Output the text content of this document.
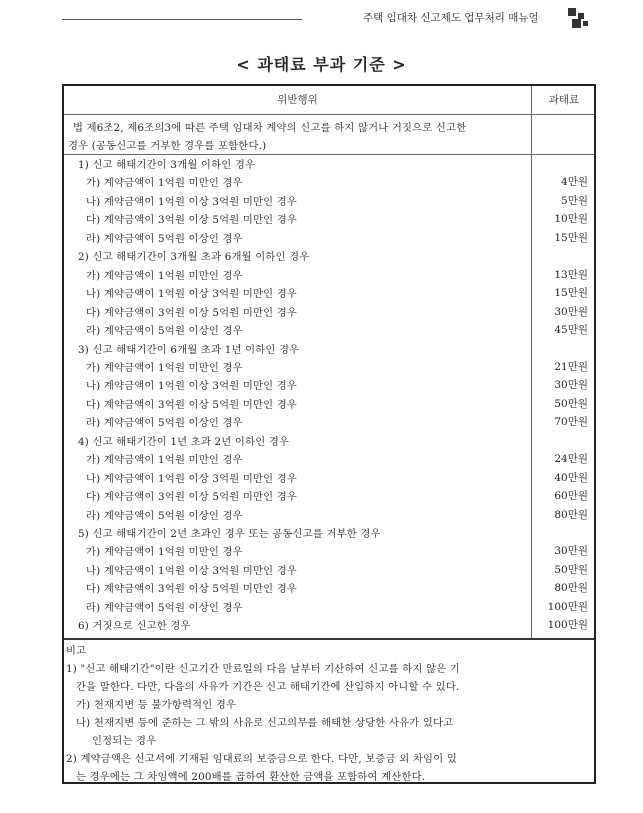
주택 임대차 신고제도 업무처리 매뉴얼
< 과태료 부과 기준 >
위반행위	과태료
법 제6조2, 제6조의3에 따른 주택 임대차 계약의 신고를 하지 않거나 거짓으로 신고한
경우 (공동신고를 거부한 경우를 포함한다.)
1) 신고 해태기간이 3개월 이하인 경우
가) 계약금액이 1억원 미만인 경우	4만원
나) 계약금액이 1억원 이상 3억원 미만인 경우	5만원
다) 계약금액이 3억원 이상 5억원 미만인 경우	10만원
라) 계약금액이 5억원 이상인 경우	15만원
2) 신고 해태기간이 3개월 초과 6개월 이하인 경우
가) 계약금액이 1억원 미만인 경우	13만원
나) 계약금액이 1억원 이상 3억원 미만인 경우	15만원
다) 계약금액이 3억원 이상 5억원 미만인 경우	30만원
라) 계약금액이 5억원 이상인 경우	45만원
3) 신고 해태기간이 6개월 초과 1년 이하인 경우
가) 계약금액이 1억원 미만인 경우	21만원
나) 계약금액이 1억원 이상 3억원 미만인 경우	30만원
다) 계약금액이 3억원 이상 5억원 미만인 경우	50만원
라) 계약금액이 5억원 이상인 경우	70만원
4) 신고 해태기간이 1년 초과 2년 이하인 경우
가) 계약금액이 1억원 미만인 경우	24만원
나) 계약금액이 1억원 이상 3억원 미만인 경우	40만원
다) 계약금액이 3억원 이상 5억원 미만인 경우	60만원
라) 계약금액이 5억원 이상인 경우	80만원
5) 신고 해태기간이 2년 초과인 경우 또는 공동신고를 거부한 경우
가) 계약금액이 1억원 미만인 경우	30만원
나) 계약금액이 1억원 이상 3억원 미만인 경우	50만원
다) 계약금액이 3억원 이상 5억원 미만인 경우	80만원
라) 계약금액이 5억원 이상인 경우	100만원
6) 거짓으로 신고한 경우	100만원
비고
1) "신고 해태기간"이란 신고기간 만료일의 다음 날부터 기산하여 신고를 하지 않은 기
간을 말한다. 다만, 다음의 사유가 기간은 신고 해태기간에 산입하지 아니할 수 있다.
가) 천재지변 등 불가항력적인 경우
나) 천재지변 등에 준하는 그 밖의 사유로 신고의무를 해태한 상당한 사유가 있다고
인정되는 경우
2) 계약금액은 신고서에 기재된 임대료의 보증금으로 한다. 다만, 보증금 외 차임이 있
는 경우에는 그 차임액에 200배를 곱하여 환산한 금액을 포함하여 계산한다.
